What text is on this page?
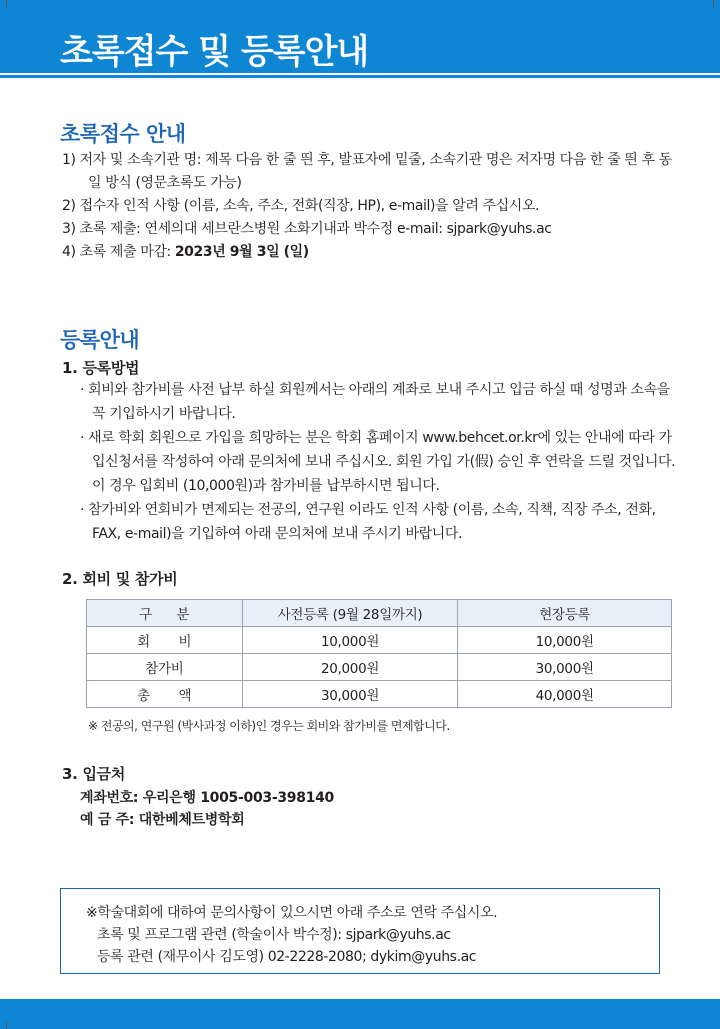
초록접수 및 등록안내
초록접수 안내
1) 저자 및 소속기관 명: 제목 다음 한 줄 띈 후, 발표자에 밑줄, 소속기관 명은 저자명 다음 한 줄 띈 후 동일 방식 (영문초록도 가능)
2) 접수자 인적 사항 (이름, 소속, 주소, 전화(직장, HP), e-mail)을 알려 주십시오.
3) 초록 제출: 연세의대 세브란스병원 소화기내과 박수정 e-mail: sjpark@yuhs.ac
4) 초록 제출 마감: 2023년 9월 3일 (일)
등록안내
1. 등록방법
· 회비와 참가비를 사전 납부 하실 회원께서는 아래의 계좌로 보내 주시고 입금 하실 때 성명과 소속을 꼭 기입하시기 바랍니다.
· 새로 학회 회원으로 가입을 희망하는 분은 학회 홈페이지 www.behcet.or.kr에 있는 안내에 따라 가입신청서를 작성하여 아래 문의처에 보내 주십시오. 회원 가입 가(假) 승인 후 연락을 드릴 것입니다. 이 경우 입회비 (10,000원)과 참가비를 납부하시면 됩니다.
· 참가비와 연회비가 면제되는 전공의, 연구원 이라도 인적 사항 (이름, 소속, 직책, 직장 주소, 전화, FAX, e-mail)을 기입하여 아래 문의처에 보내 주시기 바랍니다.
2. 회비 및 참가비
구 분	사전등록 (9월 28일까지)	현장등록
회 비	10,000원	10,000원
참가비	20,000원	30,000원
총 액	30,000원	40,000원
※ 전공의, 연구원 (박사과정 이하)인 경우는 회비와 참가비를 면제합니다.
3. 입금처
계좌번호: 우리은행 1005-003-398140
예 금 주: 대한베체트병학회
※학술대회에 대하여 문의사항이 있으시면 아래 주소로 연락 주십시오.
초록 및 프로그램 관련 (학술이사 박수정): sjpark@yuhs.ac
등록 관련 (재무이사 김도영) 02-2228-2080; dykim@yuhs.ac
